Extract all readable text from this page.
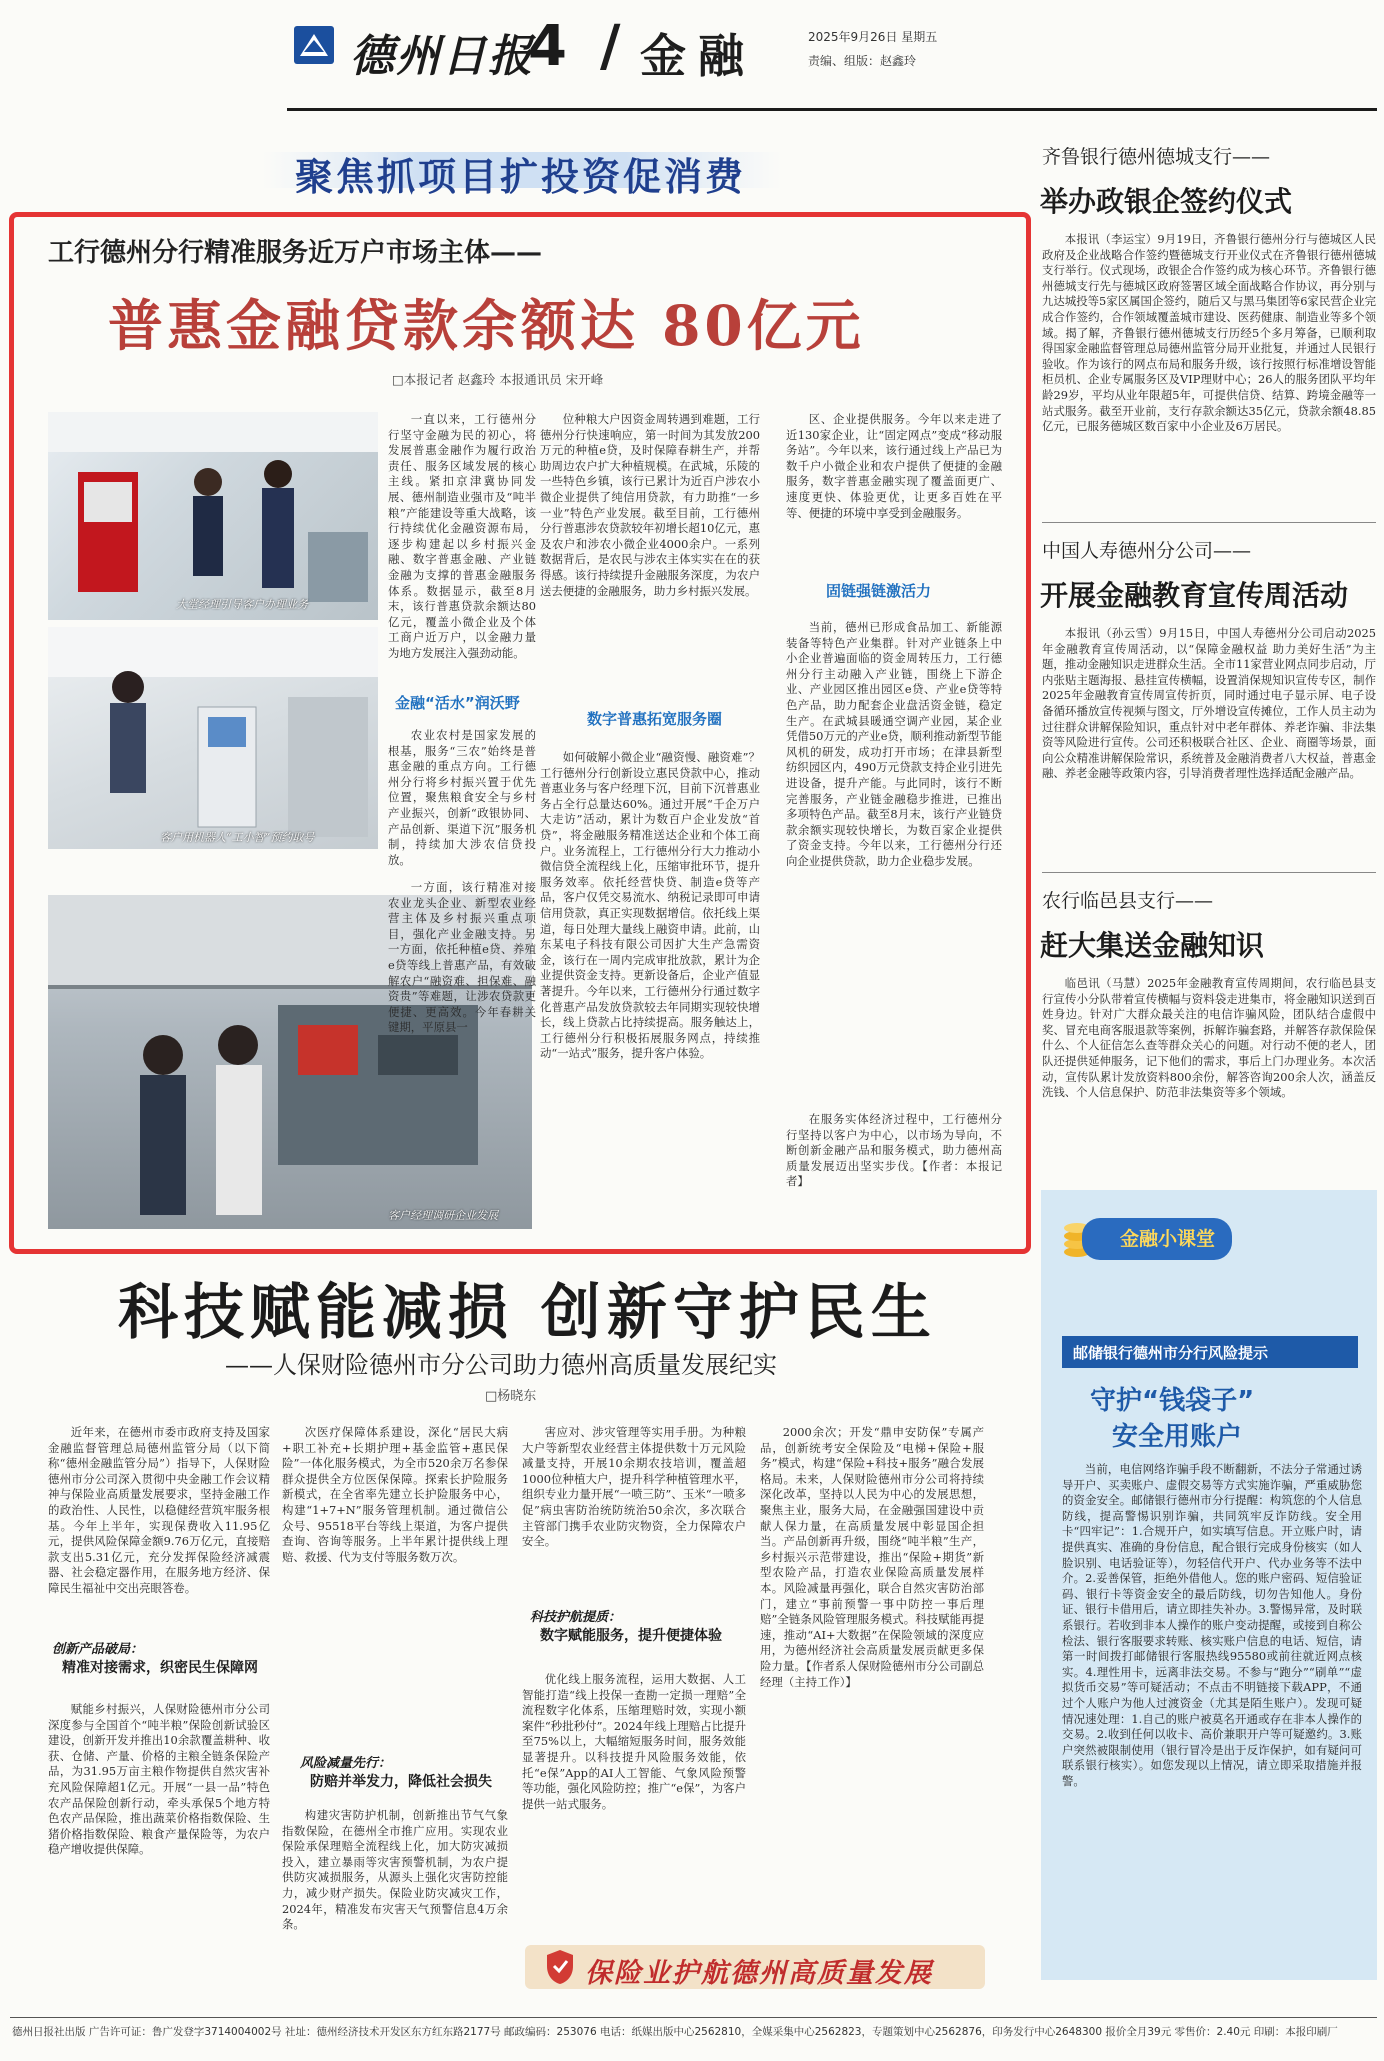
德州日报
4 / 金融	2025年9月26日 星期五
责编、组版：赵鑫玲
聚焦抓项目扩投资促消费
工行德州分行精准服务近万户市场主体——
普惠金融贷款余额达 80亿元
□本报记者 赵鑫玲 本报通讯员 宋开峰
大堂经理引导客户办理业务
客户用机器人“工小智”预约取号
客户经理调研企业发展

一直以来，工行德州分行坚守金融为民的初心，将发展普惠金融作为履行政治责任、服务区域发展的核心主线。紧扣京津冀协同发展、德州制造业强市及“吨半粮”产能建设等重大战略，该行持续优化金融资源布局，逐步构建起以乡村振兴金融、数字普惠金融、产业链金融为支撑的普惠金融服务体系。数据显示，截至8月末，该行普惠贷款余额达80亿元，覆盖小微企业及个体工商户近万户，以金融力量为地方发展注入强劲动能。

金融“活水”润沃野

农业农村是国家发展的根基，服务“三农”始终是普惠金融的重点方向。工行德州分行将乡村振兴置于优先位置，聚焦粮食安全与乡村产业振兴，创新“政银协同、产品创新、渠道下沉”服务机制，持续加大涉农信贷投放。

一方面，该行精准对接农业龙头企业、新型农业经营主体及乡村振兴重点项目，强化产业金融支持。另一方面，依托种植e贷、养殖e贷等线上普惠产品，有效破解农户“融资难、担保难、融资贵”等难题，让涉农贷款更便捷、更高效。今年春耕关键期，平原县一

位种粮大户因资金周转遇到难题，工行德州分行快速响应，第一时间为其发放200万元的种植e贷，及时保障春耕生产，并帮助周边农户扩大种植规模。在武城，乐陵的一些特色乡镇，该行已累计为近百户涉农小微企业提供了纯信用贷款，有力助推“一乡一业”特色产业发展。截至目前，工行德州分行普惠涉农贷款较年初增长超10亿元，惠及农户和涉农小微企业4000余户。一系列数据背后，是农民与涉农主体实实在在的获得感。该行持续提升金融服务深度，为农户送去便捷的金融服务，助力乡村振兴发展。

数字普惠拓宽服务圈

如何破解小微企业“融资慢、融资难”？工行德州分行创新设立惠民贷款中心，推动普惠业务与客户经理下沉，目前下沉普惠业务占全行总量达60%。通过开展“千企万户大走访”活动，累计为数百户企业发放“首贷”，将金融服务精准送达企业和个体工商户。业务流程上，工行德州分行大力推动小微信贷全流程线上化，压缩审批环节，提升服务效率。依托经营快贷、制造e贷等产品，客户仅凭交易流水、纳税记录即可申请信用贷款，真正实现数据增信。依托线上渠道，每日处理大量线上融资申请。此前，山东某电子科技有限公司因扩大生产急需资金，该行在一周内完成审批放款，累计为企业提供资金支持。更新设备后，企业产值显著提升。今年以来，工行德州分行通过数字化普惠产品发放贷款较去年同期实现较快增长，线上贷款占比持续提高。服务触达上，工行德州分行积极拓展服务网点，持续推动“一站式”服务，提升客户体验。

区、企业提供服务。今年以来走进了近130家企业，让“固定网点”变成“移动服务站”。今年以来，该行通过线上产品已为数千户小微企业和农户提供了便捷的金融服务，数字普惠金融实现了覆盖面更广、速度更快、体验更优，让更多百姓在平等、便捷的环境中享受到金融服务。

固链强链激活力

当前，德州已形成食品加工、新能源装备等特色产业集群。针对产业链条上中小企业普遍面临的资金周转压力，工行德州分行主动融入产业链，围绕上下游企业、产业园区推出园区e贷、产业e贷等特色产品，助力配套企业盘活资金链，稳定生产。在武城县暖通空调产业园，某企业凭借50万元的产业e贷，顺利推动新型节能风机的研发，成功打开市场；在津县新型纺织园区内，490万元贷款支持企业引进先进设备，提升产能。与此同时，该行不断完善服务，产业链金融稳步推进，已推出多项特色产品。截至8月末，该行产业链贷款余额实现较快增长，为数百家企业提供了资金支持。今年以来，工行德州分行还向企业提供贷款，助力企业稳步发展。

在服务实体经济过程中，工行德州分行坚持以客户为中心，以市场为导向，不断创新金融产品和服务模式，助力德州高质量发展迈出坚实步伐。【作者：本报记者】

齐鲁银行德州德城支行——
举办政银企签约仪式

本报讯（李运宝）9月19日，齐鲁银行德州分行与德城区人民政府及企业战略合作签约暨德城支行开业仪式在齐鲁银行德州德城支行举行。仪式现场，政银企合作签约成为核心环节。齐鲁银行德州德城支行先与德城区政府签署区域全面战略合作协议，再分别与九达城投等5家区属国企签约，随后又与黑马集团等6家民营企业完成合作签约，合作领域覆盖城市建设、医药健康、制造业等多个领域。揭了解，齐鲁银行德州德城支行历经5个多月筹备，已顺利取得国家金融监督管理总局德州监管分局开业批复，并通过人民银行验收。作为该行的网点布局和服务升级，该行按照行标准增设智能柜员机、企业专属服务区及VIP理财中心；26人的服务团队平均年龄29岁，平均从业年限超5年，可提供信贷、结算、跨境金融等一站式服务。截至开业前，支行存款余额达35亿元，贷款余额48.85亿元，已服务德城区数百家中小企业及6万居民。

中国人寿德州分公司——
开展金融教育宣传周活动

本报讯（孙云雪）9月15日，中国人寿德州分公司启动2025年金融教育宣传周活动，以“保障金融权益 助力美好生活”为主题，推动金融知识走进群众生活。全市11家营业网点同步启动，厅内张贴主题海报、悬挂宣传横幅，设置消保规知识宣传专区，制作2025年金融教育宣传周宣传折页，同时通过电子显示屏、电子设备循环播放宣传视频与图文，厅外增设宣传摊位，工作人员主动为过往群众讲解保险知识，重点针对中老年群体、养老诈骗、非法集资等风险进行宣传。公司还积极联合社区、企业、商圈等场景，面向公众精准讲解保险常识，系统普及金融消费者八大权益，普惠金融、养老金融等政策内容，引导消费者理性选择适配金融产品。

农行临邑县支行——
赶大集送金融知识

临邑讯（马慧）2025年金融教育宣传周期间，农行临邑县支行宣传小分队带着宣传横幅与资料袋走进集市，将金融知识送到百姓身边。针对广大群众最关注的电信诈骗风险，团队结合虚假中奖、冒充电商客服退款等案例，拆解诈骗套路，并解答存款保险保什么、个人征信怎么查等群众关心的问题。对行动不便的老人，团队还提供延伸服务，记下他们的需求，事后上门办理业务。本次活动，宣传队累计发放资料800余份，解答咨询200余人次，涵盖反洗钱、个人信息保护、防范非法集资等多个领域。

金融小课堂
邮储银行德州市分行风险提示
守护“钱袋子”
安全用账户

当前，电信网络诈骗手段不断翻新，不法分子常通过诱导开户、买卖账户、虚假交易等方式实施诈骗，严重威胁您的资金安全。邮储银行德州市分行提醒：构筑您的个人信息防线，提高警惕识别诈骗，共同筑牢反诈防线。安全用卡“四牢记”：1.合规开户，如实填写信息。开立账户时，请提供真实、准确的身份信息，配合银行完成身份核实（如人脸识别、电话验证等），勿轻信代开户、代办业务等不法中介。2.妥善保管，拒绝外借他人。您的账户密码、短信验证码、银行卡等资金安全的最后防线，切勿告知他人。身份证、银行卡借用后，请立即挂失补办。3.警惕异常，及时联系银行。若收到非本人操作的账户变动提醒，或接到自称公检法、银行客服要求转账、核实账户信息的电话、短信，请第一时间拨打邮储银行客服热线95580或前往就近网点核实。4.理性用卡，远离非法交易。不参与“跑分”“刷单”“虚拟货币交易”等可疑活动；不点击不明链接下载APP，不通过个人账户为他人过渡资金（尤其是陌生账户）。发现可疑情况速处理：1.自己的账户被莫名开通或存在非本人操作的交易。2.收到任何以收卡、高价兼职开户等可疑邀约。3.账户突然被限制使用（银行冒冷是出于反诈保护，如有疑问可联系银行核实）。如您发现以上情况，请立即采取措施并报警。

科技赋能减损 创新守护民生
——人保财险德州市分公司助力德州高质量发展纪实
□杨晓东

近年来，在德州市委市政府支持及国家金融监督管理总局德州监管分局（以下简称“德州金融监管分局”）指导下，人保财险德州市分公司深入贯彻中央金融工作会议精神与保险业高质量发展要求，坚持金融工作的政治性、人民性，以稳健经营筑牢服务根基。今年上半年，实现保费收入11.95亿元，提供风险保障金额9.76万亿元，直接赔款支出5.31亿元，充分发挥保险经济减震器、社会稳定器作用，在服务地方经济、保障民生福祉中交出亮眼答卷。

创新产品破局：
精准对接需求，织密民生保障网

赋能乡村振兴，人保财险德州市分公司深度参与全国首个“吨半粮”保险创新试验区建设，创新开发并推出10余款覆盖耕种、收获、仓储、产量、价格的主粮全链条保险产品，为31.95万亩主粮作物提供自然灾害补充风险保障超1亿元。开展“一县一品”特色农产品保险创新行动，牵头承保5个地方特色农产品保险，推出蔬菜价格指数保险、生猪价格指数保险、粮食产量保险等，为农户稳产增收提供保障。

次医疗保障体系建设，深化“居民大病+职工补充+长期护理+基金监管+惠民保险”一体化服务模式，为全市520余万名参保群众提供全方位医保保障。探索长护险服务新模式，在全省率先建立长护险服务中心，构建“1+7+N”服务管理机制。通过微信公众号、95518平台等线上渠道，为客户提供查询、咨询等服务。上半年累计提供线上理赔、救援、代为支付等服务数万次。

风险减量先行：
防赔并举发力，降低社会损失

构建灾害防护机制，创新推出节气气象指数保险，在德州全市推广应用。实现农业保险承保理赔全流程线上化，加大防灾减损投入，建立暴雨等灾害预警机制，为农户提供防灾减损服务，从源头上强化灾害防控能力，减少财产损失。保险业防灾减灾工作，2024年，精准发布灾害天气预警信息4万余条。

害应对、涉灾管理等实用手册。为种粮大户等新型农业经营主体提供数十万元风险减量支持，开展10余期农技培训，覆盖超1000位种植大户，提升科学种植管理水平，组织专业力量开展“一喷三防”、玉米“一喷多促”病虫害防治统防统治50余次，多次联合主管部门携手农业防灾物资，全力保障农户安全。

科技护航提质：
数字赋能服务，提升便捷体验

优化线上服务流程，运用大数据、人工智能打造“线上投保一查勘一定损一理赔”全流程数字化体系，压缩理赔时效，实现小额案件“秒批秒付”。2024年线上理赔占比提升至75%以上，大幅缩短服务时间，服务效能显著提升。以科技提升风险服务效能，依托“e保”App的AI人工智能、气象风险预警等功能，强化风险防控；推广“e保”，为客户提供一站式服务。

2000余次；开发“鼎申安防保”专属产品，创新统考安全保险及“电梯+保险+服务”模式，构建“保险+科技+服务”融合发展格局。未来，人保财险德州市分公司将持续深化改革，坚持以人民为中心的发展思想，聚焦主业，服务大局，在金融强国建设中贡献人保力量，在高质量发展中彰显国企担当。产品创新再升级，围绕“吨半粮”生产，乡村振兴示范带建设，推出“保险+期货”新型农险产品，打造农业保险高质量发展样本。风险减量再强化，联合自然灾害防治部门，建立“事前预警一事中防控一事后理赔”全链条风险管理服务模式。科技赋能再提速，推动“AI+大数据”在保险领域的深度应用，为德州经济社会高质量发展贡献更多保险力量。【作者系人保财险德州市分公司副总经理（主持工作）】

保险业护航德州高质量发展
德州日报社出版 广告许可证：鲁广发登字3714004002号 社址：德州经济技术开发区东方红东路2177号 邮政编码：253076 电话：纸媒出版中心2562810，全媒采集中心2562823，专题策划中心2562876，印务发行中心2648300 报价全月39元 零售价：2.40元 印刷：本报印刷厂
